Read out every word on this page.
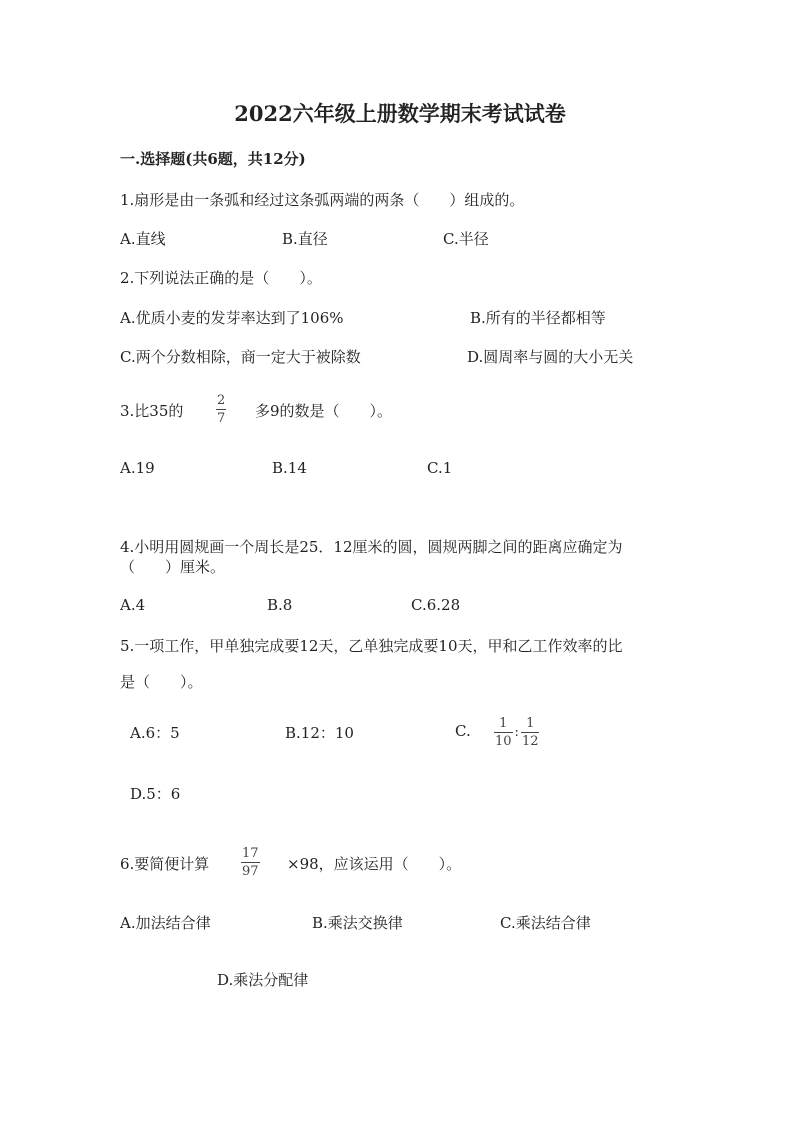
2022六年级上册数学期末考试试卷
一.选择题(共6题，共12分)
1.扇形是由一条弧和经过这条弧两端的两条（　　）组成的。
A.直线	B.直径	C.半径
2.下列说法正确的是（　　）。
A.优质小麦的发芽率达到了106%	B.所有的半径都相等
C.两个分数相除，商一定大于被除数	D.圆周率与圆的大小无关
3.比35的
2
7 多9的数是（　　）。
A.19	B.14	C.1
4.小明用圆规画一个周长是25．12厘米的圆，圆规两脚之间的距离应确定为
（　　）厘米。
A.4	B.8	C.6.28
5.一项工作，甲单独完成要12天，乙单独完成要10天，甲和乙工作效率的比
是（　　）。
A.6：5	B.12：10	C. $\frac{1}{10}$ : $\frac{1}{12}$
D.5：6
6.要简便计算
17
97 ×98，应该运用（　　）。
A.加法结合律	B.乘法交换律	C.乘法结合律
D.乘法分配律
